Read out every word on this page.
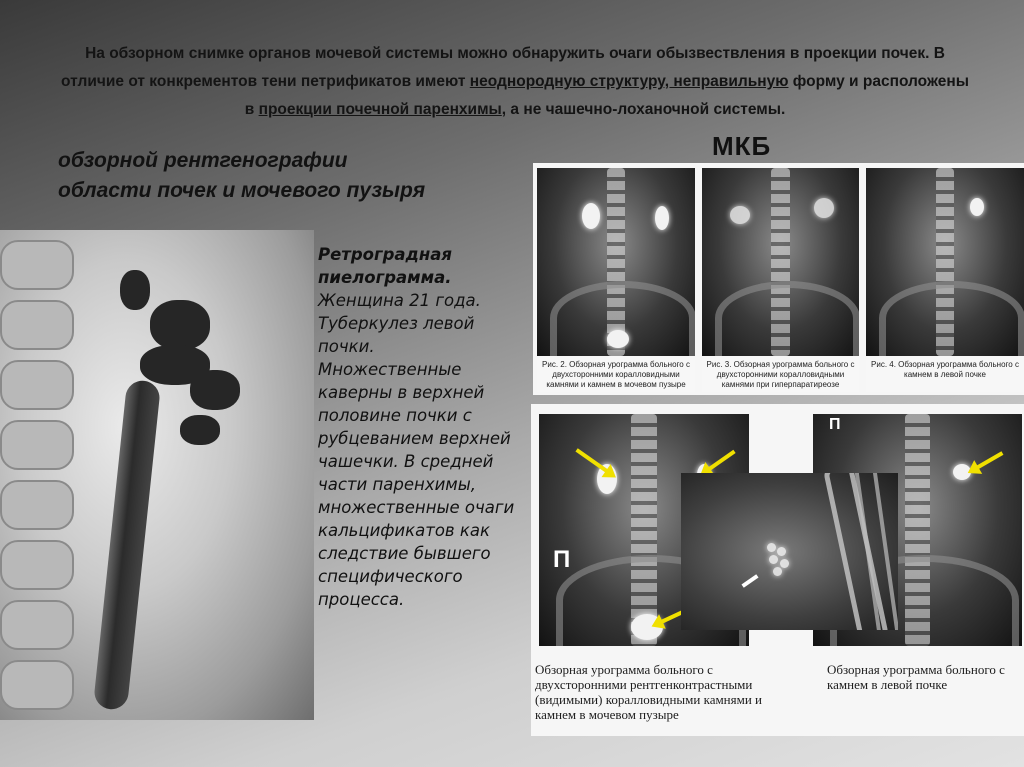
На обзорном снимке органов мочевой системы можно обнаружить очаги обызвествления в проекции почек. В отличие от конкрементов тени петрификатов имеют неоднородную структуру, неправильную форму и расположены в проекции почечной паренхимы, а не чашечно-лоханочной системы.
обзорной рентгенографии
области почек и мочевого пузыря
МКБ
Ретроградная пиелограмма. Женщина 21 года. Туберкулез левой почки. Множественные каверны в верхней половине почки с рубцеванием верхней чашечки. В средней части паренхимы, множественные очаги кальцификатов как следствие бывшего специфического процесса.
Рис. 2. Обзорная урограмма больного с двухсторонними коралловидными камнями и камнем в мочевом пузыре
Рис. 3. Обзорная урограмма больного с двухсторонними коралловидными камнями при гиперпаратиреозе
Рис. 4. Обзорная урограмма больного с камнем в левой почке
П
П
Обзорная урограмма больного с двухсторонними рентгенконтрастными (видимыми) коралловидными камнями и камнем в мочевом пузыре
Обзорная урограмма больного с камнем в левой почке
